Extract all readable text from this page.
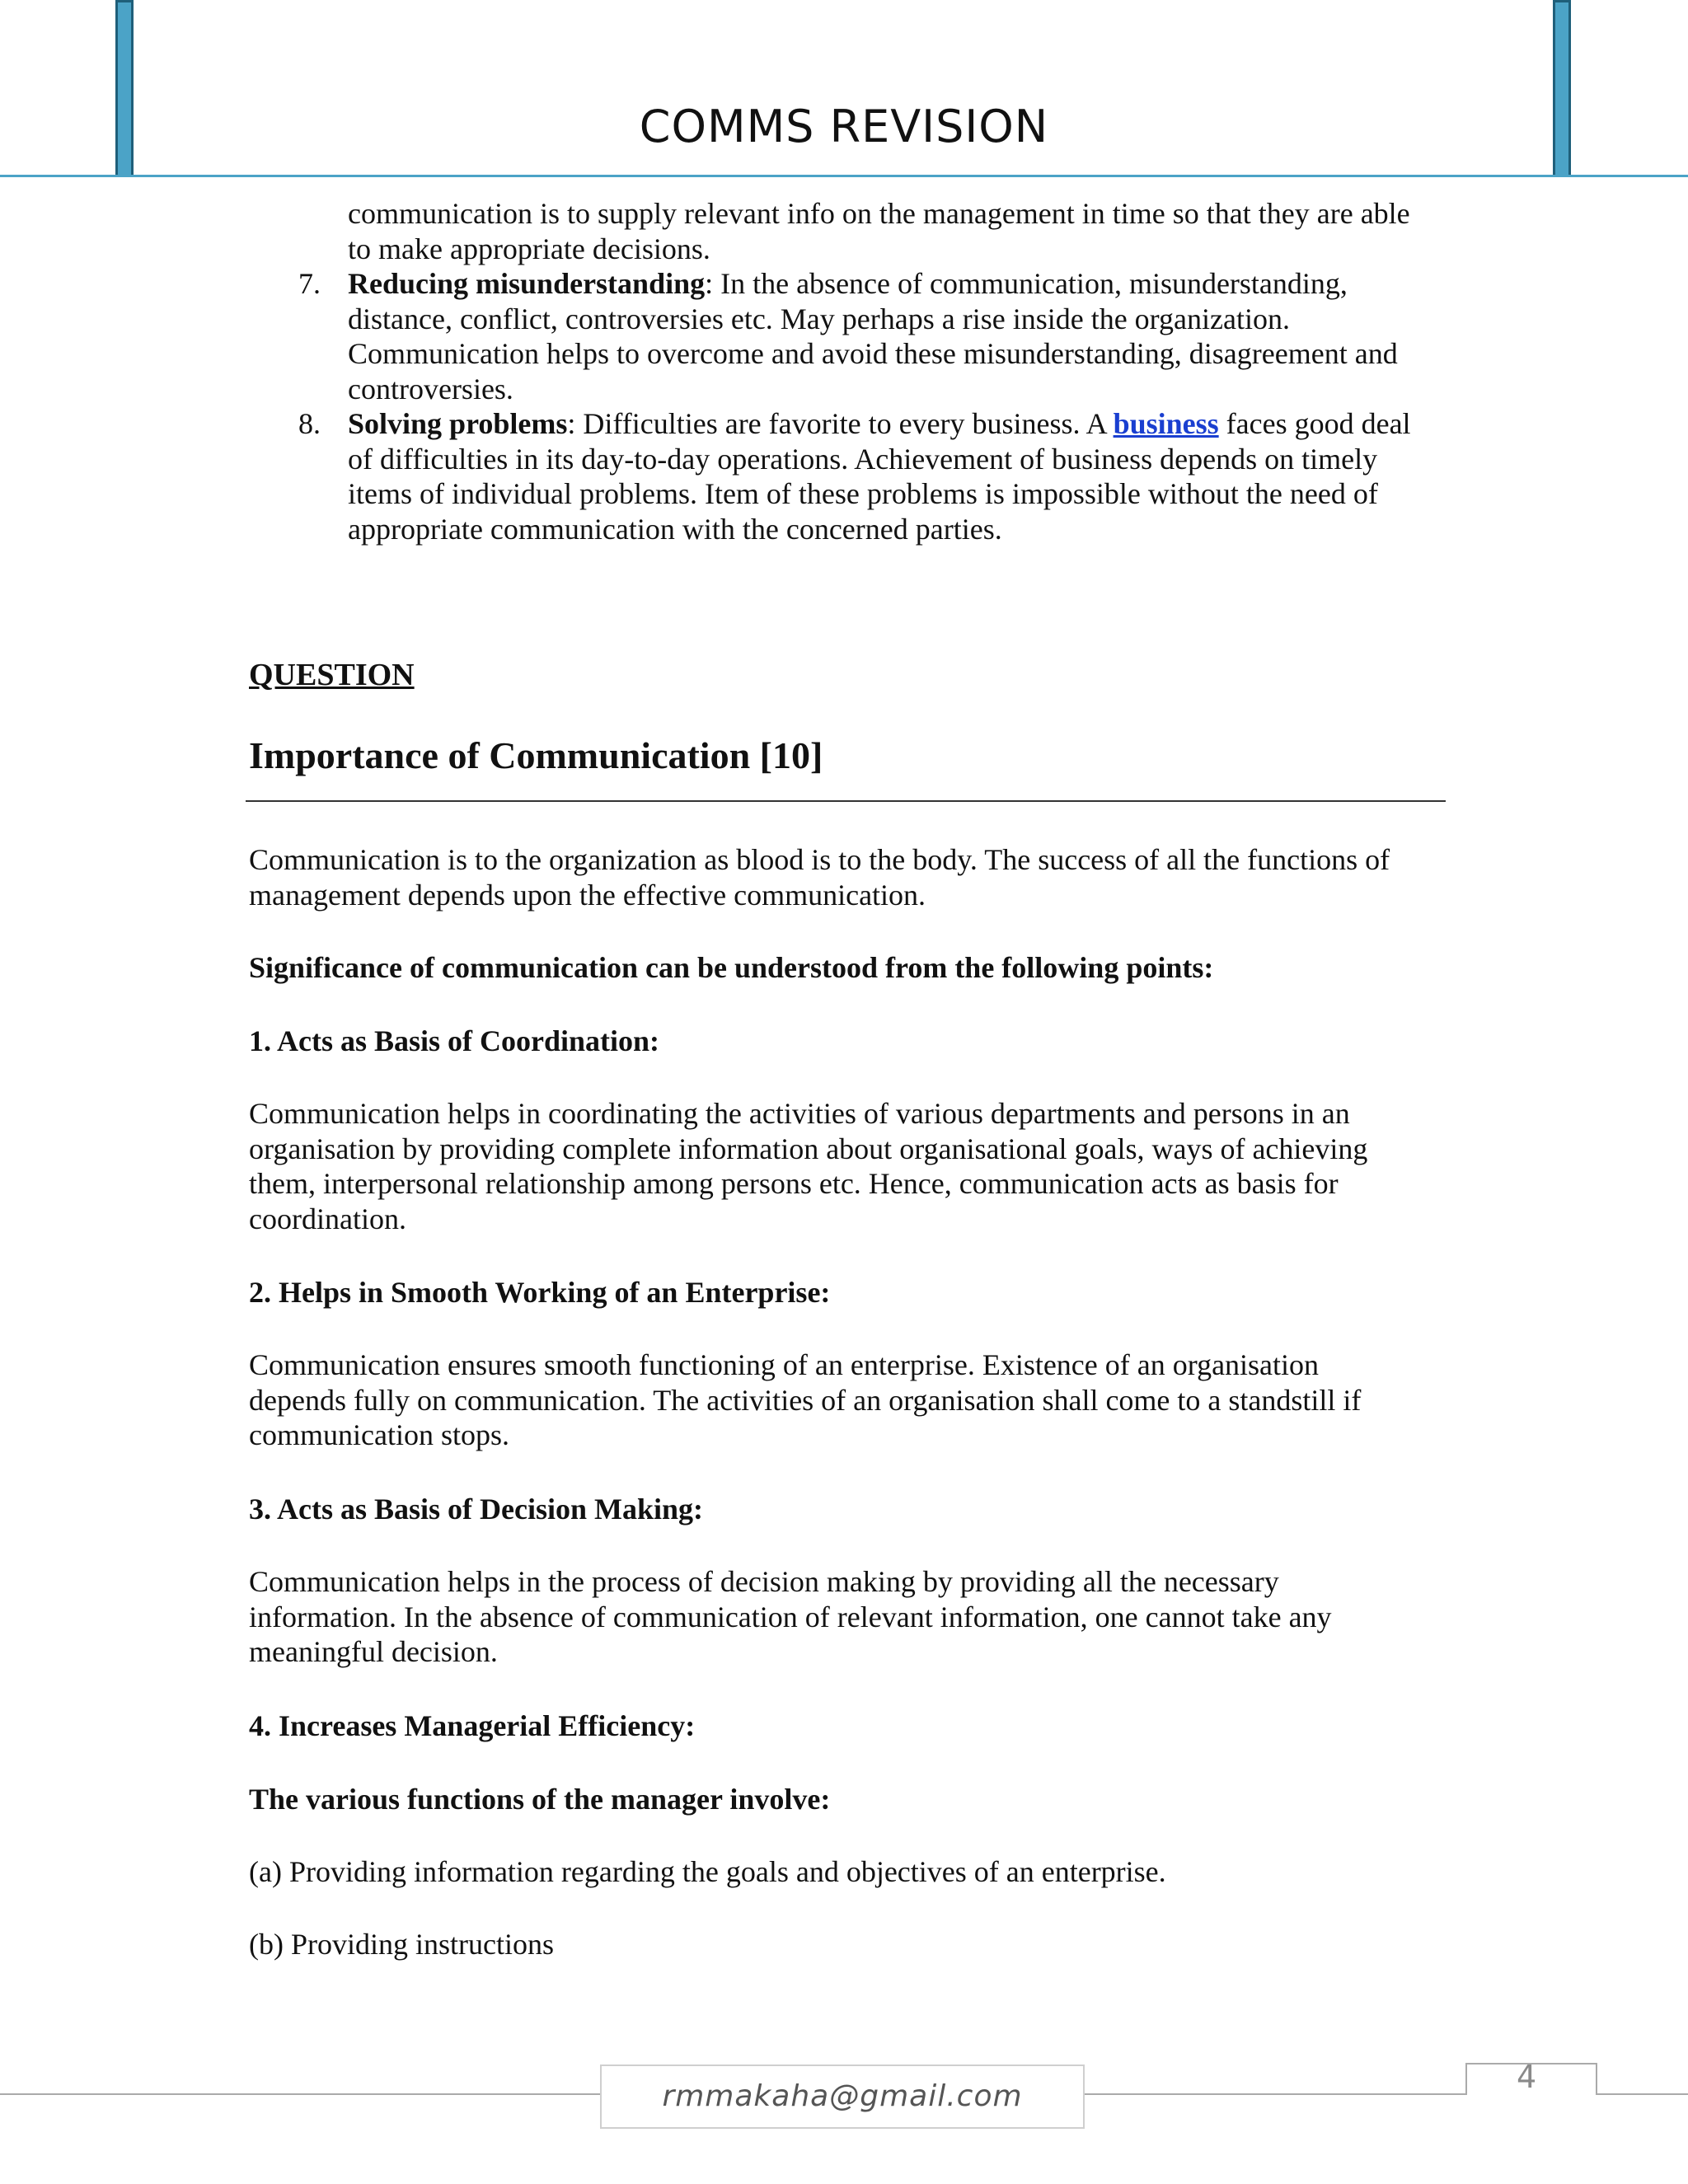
COMMS REVISION
communication is to supply relevant info on the management in time so that they are able
to make appropriate decisions.
7. Reducing misunderstanding: In the absence of communication, misunderstanding,
distance, conflict, controversies etc. May perhaps a rise inside the organization.
Communication helps to overcome and avoid these misunderstanding, disagreement and
controversies.
8. Solving problems: Difficulties are favorite to every business. A business faces good deal
of difficulties in its day-to-day operations. Achievement of business depends on timely
items of individual problems. Item of these problems is impossible without the need of
appropriate communication with the concerned parties.
QUESTION
Importance of Communication [10]
Communication is to the organization as blood is to the body. The success of all the functions of
management depends upon the effective communication.
Significance of communication can be understood from the following points:
1. Acts as Basis of Coordination:
Communication helps in coordinating the activities of various departments and persons in an
organisation by providing complete information about organisational goals, ways of achieving
them, interpersonal relationship among persons etc. Hence, communication acts as basis for
coordination.
2. Helps in Smooth Working of an Enterprise:
Communication ensures smooth functioning of an enterprise. Existence of an organisation
depends fully on communication. The activities of an organisation shall come to a standstill if
communication stops.
3. Acts as Basis of Decision Making:
Communication helps in the process of decision making by providing all the necessary
information. In the absence of communication of relevant information, one cannot take any
meaningful decision.
4. Increases Managerial Efficiency:
The various functions of the manager involve:
(a) Providing information regarding the goals and objectives of an enterprise.
(b) Providing instructions
rmmakaha@gmail.com
4
